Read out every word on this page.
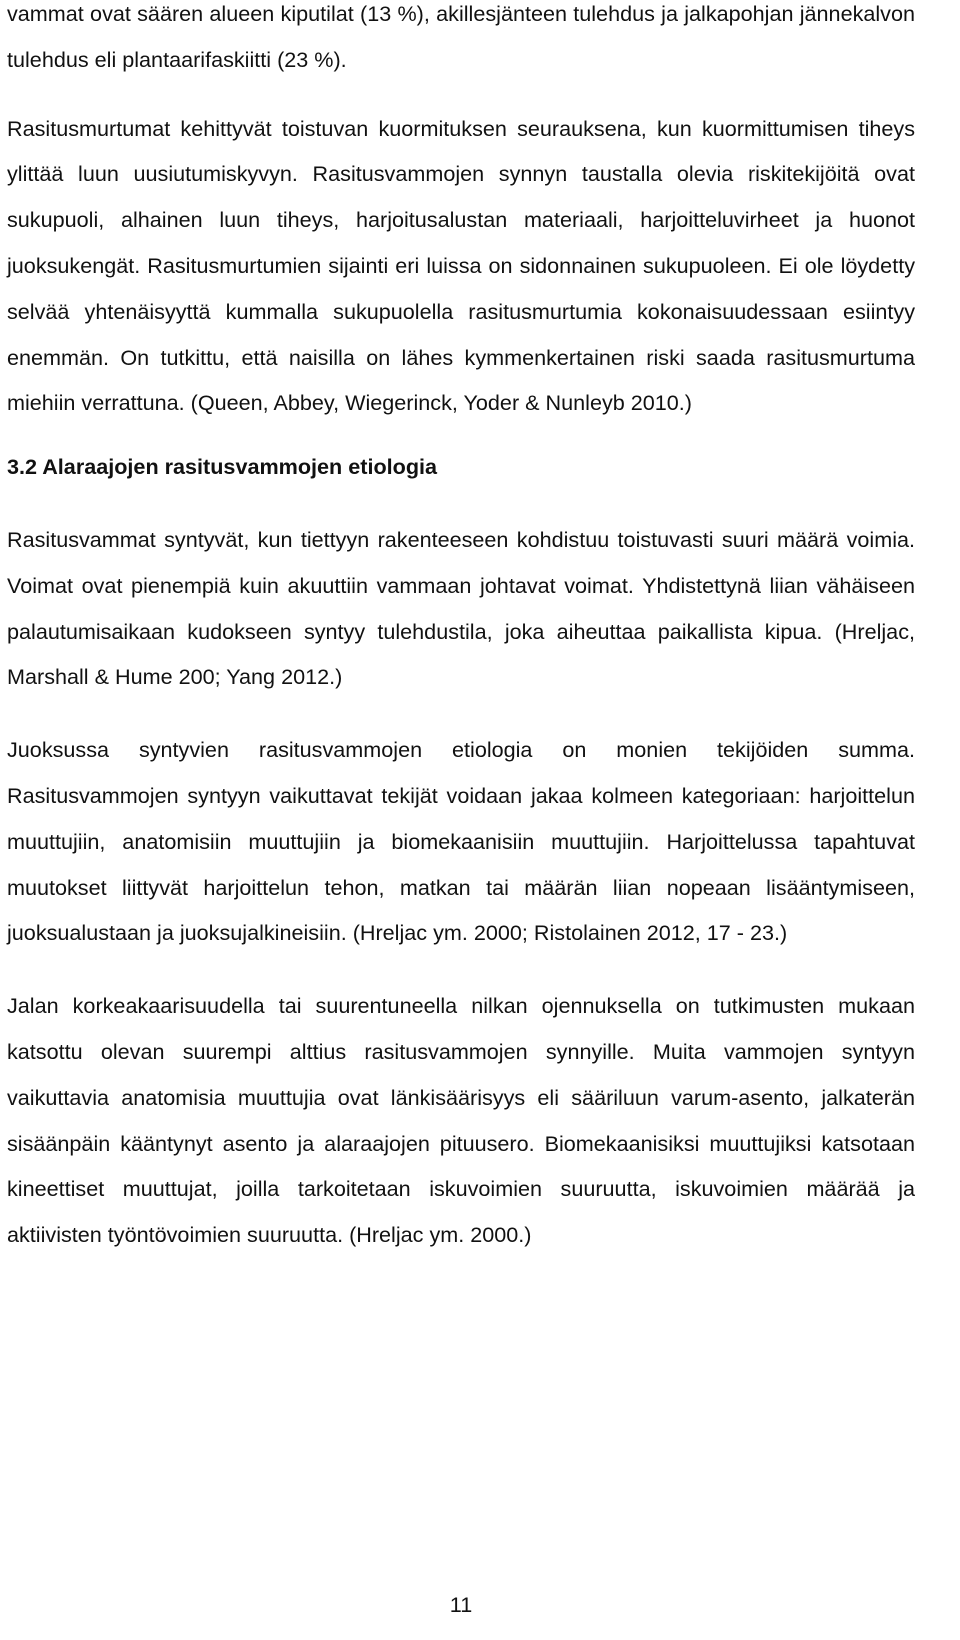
vammat ovat säären alueen kiputilat (13 %), akillesjänteen tulehdus ja jalkapohjan jännekalvon tulehdus eli plantaarifaskiitti (23 %).

Rasitusmurtumat kehittyvät toistuvan kuormituksen seurauksena, kun kuormittumisen tiheys ylittää luun uusiutumiskyvyn. Rasitusvammojen synnyn taustalla olevia riskitekijöitä ovat sukupuoli, alhainen luun tiheys, harjoitusalustan materiaali, harjoitteluvirheet ja huonot juoksukengät. Rasitusmurtumien sijainti eri luissa on sidonnainen sukupuoleen. Ei ole löydetty selvää yhtenäisyyttä kummalla sukupuolella rasitusmurtumia kokonaisuudessaan esiintyy enemmän. On tutkittu, että naisilla on lähes kymmenkertainen riski saada rasitusmurtuma miehiin verrattuna. (Queen, Abbey, Wiegerinck, Yoder & Nunleyb 2010.)

3.2 Alaraajojen rasitusvammojen etiologia

Rasitusvammat syntyvät, kun tiettyyn rakenteeseen kohdistuu toistuvasti suuri määrä voimia. Voimat ovat pienempiä kuin akuuttiin vammaan johtavat voimat. Yhdistettynä liian vähäiseen palautumisaikaan kudokseen syntyy tulehdustila, joka aiheuttaa paikallista kipua. (Hreljac, Marshall & Hume 200; Yang 2012.)

Juoksussa syntyvien rasitusvammojen etiologia on monien tekijöiden summa. Rasitusvammojen syntyyn vaikuttavat tekijät voidaan jakaa kolmeen kategoriaan: harjoittelun muuttujiin, anatomisiin muuttujiin ja biomekaanisiin muuttujiin. Harjoittelussa tapahtuvat muutokset liittyvät harjoittelun tehon, matkan tai määrän liian nopeaan lisääntymiseen, juoksualustaan ja juoksujalkineisiin. (Hreljac ym. 2000; Ristolainen 2012, 17 - 23.)

Jalan korkeakaarisuudella tai suurentuneella nilkan ojennuksella on tutkimusten mukaan katsottu olevan suurempi alttius rasitusvammojen synnyille. Muita vammojen syntyyn vaikuttavia anatomisia muuttujia ovat länkisäärisyys eli sääriluun varum-asento, jalkaterän sisäänpäin kääntynyt asento ja alaraajojen pituusero. Biomekaanisiksi muuttujiksi katsotaan kineettiset muuttujat, joilla tarkoitetaan iskuvoimien suuruutta, iskuvoimien määrää ja aktiivisten työntövoimien suuruutta. (Hreljac ym. 2000.)

11
